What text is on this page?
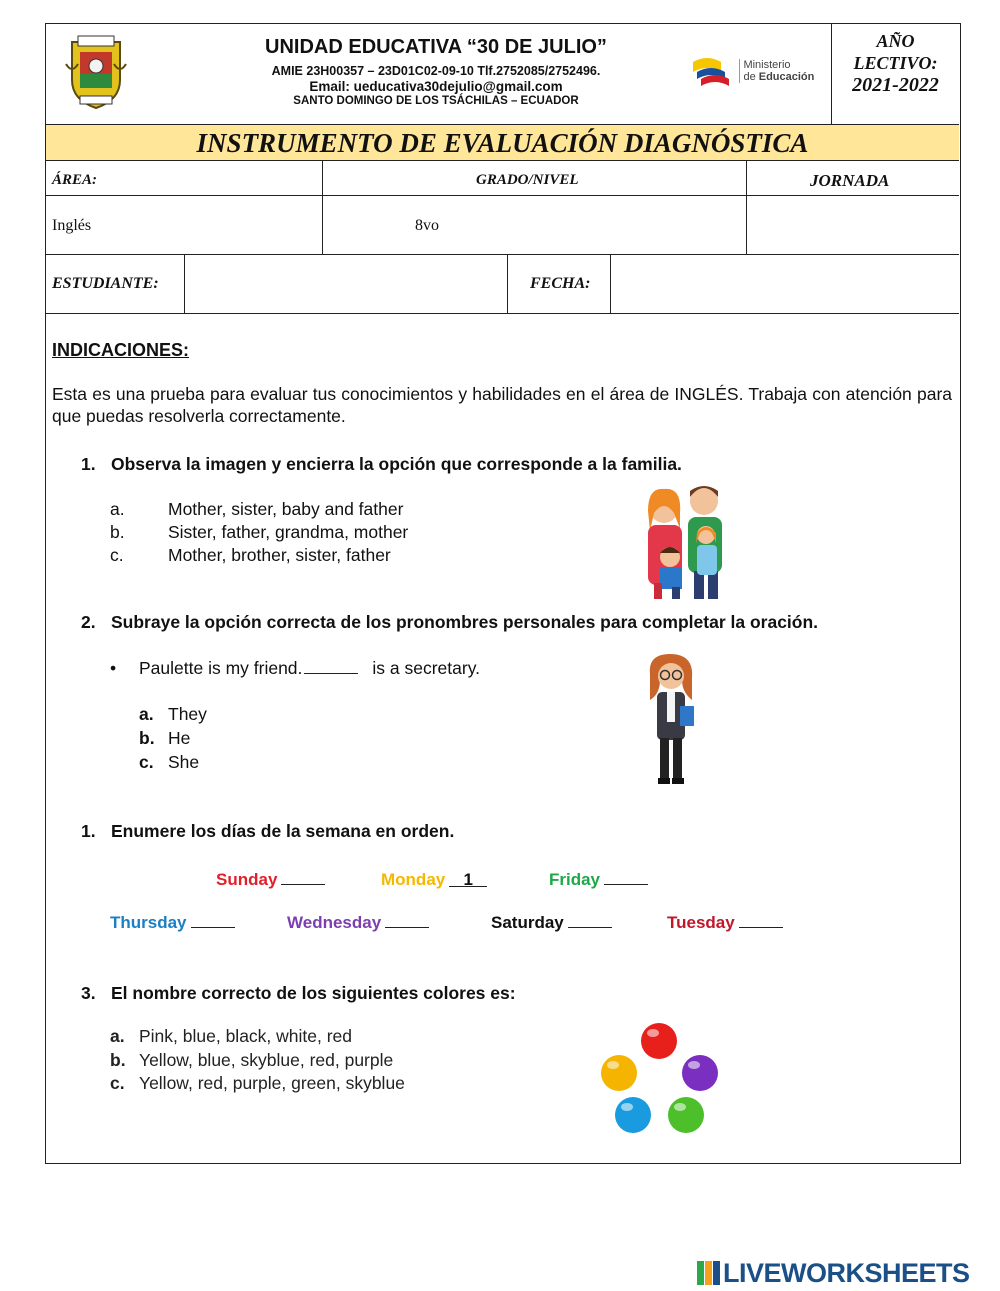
UNIDAD EDUCATIVA “30 DE JULIO”
AMIE 23H00357 – 23D01C02-09-10 Tlf.2752085/2752496.
Email: ueducativa30dejulio@gmail.com
SANTO DOMINGO DE LOS TSÁCHILAS – ECUADOR

Ministerio
de Educación
AÑO
LECTIVO:
2021-2022
INSTRUMENTO DE EVALUACIÓN DIAGNÓSTICA
ÁREA:	GRADO/NIVEL	JORNADA
Inglés	8vo
ESTUDIANTE:	FECHA:
INDICACIONES:
Esta es una prueba para evaluar tus conocimientos y habilidades en el área de INGLÉS. Trabaja con atención para que puedas resolverla correctamente.
1. Observa la imagen y encierra la opción que corresponde a la familia.
a. Mother, sister, baby and father
b. Sister, father, grandma, mother
c.	Mother, brother, sister, father
2. Subraye la opción correcta de los pronombres personales para completar la oración.
• Paulette is my friend.	is a secretary.
a. They
b. He
c. She
1. Enumere los días de la semana en orden.
Sunday	Monday 1	Friday
Thursday	Wednesday	Saturday	Tuesday
3. El nombre correcto de los siguientes colores es:
a. Pink, blue, black, white, red
b. Yellow, blue, skyblue, red, purple
c. Yellow, red, purple, green, skyblue
LIVEWORKSHEETS
